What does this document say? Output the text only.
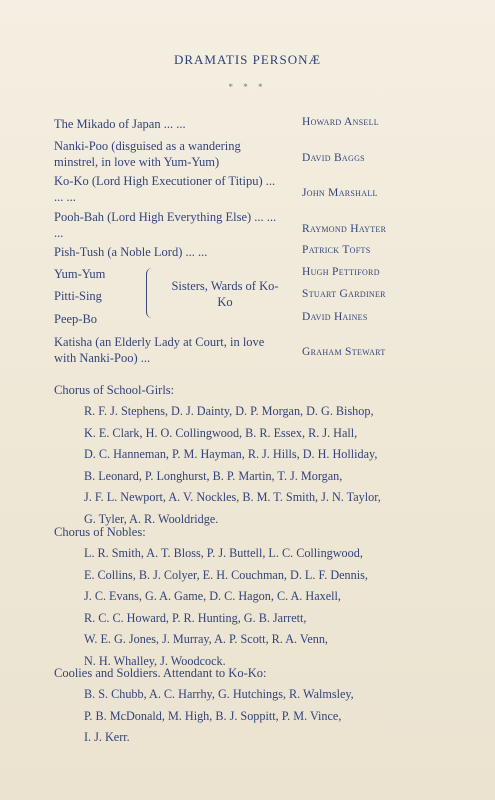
DRAMATIS PERSONÆ
* * *
The Mikado of Japan ... ...	Howard Ansell
Nanki-Poo (disguised as a wandering minstrel, in love with Yum-Yum)	David Baggs
Ko-Ko (Lord High Executioner of Titipu) ... ... ...	John Marshall
Pooh-Bah (Lord High Everything Else) ... ... ...	Raymond Hayter
Pish-Tush (a Noble Lord) ... ...	Patrick Tofts
Yum-Yum	Hugh Pettiford
Pitti-Sing	Stuart Gardiner
Peep-Bo	David Haines
Sisters, Wards of Ko-Ko
Katisha (an Elderly Lady at Court, in love with Nanki-Poo) ...	Graham Stewart
Chorus of School-Girls:
R. F. J. Stephens, D. J. Dainty, D. P. Morgan, D. G. Bishop,
K. E. Clark, H. O. Collingwood, B. R. Essex, R. J. Hall,
D. C. Hanneman, P. M. Hayman, R. J. Hills, D. H. Holliday,
B. Leonard, P. Longhurst, B. P. Martin, T. J. Morgan,
J. F. L. Newport, A. V. Nockles, B. M. T. Smith, J. N. Taylor,
G. Tyler, A. R. Wooldridge.
Chorus of Nobles:
L. R. Smith, A. T. Bloss, P. J. Buttell, L. C. Collingwood,
E. Collins, B. J. Colyer, E. H. Couchman, D. L. F. Dennis,
J. C. Evans, G. A. Game, D. C. Hagon, C. A. Haxell,
R. C. C. Howard, P. R. Hunting, G. B. Jarrett,
W. E. G. Jones, J. Murray, A. P. Scott, R. A. Venn,
N. H. Whalley, J. Woodcock.
Coolies and Soldiers. Attendant to Ko-Ko:
B. S. Chubb, A. C. Harrhy, G. Hutchings, R. Walmsley,
P. B. McDonald, M. High, B. J. Soppitt, P. M. Vince,
I. J. Kerr.
